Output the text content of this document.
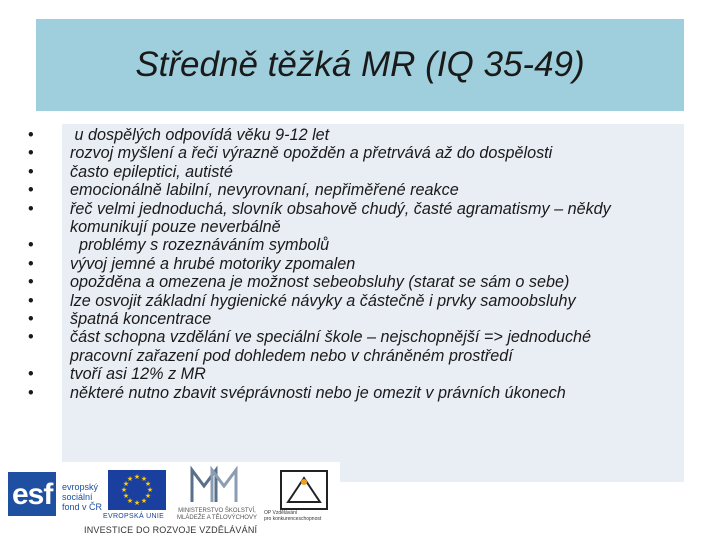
Středně těžká MR (IQ 35-49)
• u dospělých odpovídá věku 9-12 let
• rozvoj myšlení a řeči výrazně opožděn a přetrvává až do dospělosti
• často epileptici, autisté
• emocionálně labilní, nevyrovnaní, nepřiměřené reakce
• řeč velmi jednoduchá, slovník obsahově chudý, časté agramatismy – někdy
komunikují pouze neverbálně
• problémy s rozeznáváním symbolů
• vývoj jemné a hrubé motoriky zpomalen
• opožděna a omezena je možnost sebeobsluhy (starat se sám o sebe)
• lze osvojit základní hygienické návyky a částečně i prvky samoobsluhy
• špatná koncentrace
• část schopna vzdělání ve speciální škole – nejschopnější => jednoduché
pracovní zařazení pod dohledem nebo v chráněném prostředí
• tvoří asi 12% z MR
• některé nutno zbavit svéprávnosti nebo je omezit v právních úkonech
esf evropský
sociální
fond v ČR
★ ★
★
★
★
★
★
★
★
★
★
★
EVROPSKÁ UNIE
MINISTERSTVO ŠKOLSTVÍ,
MLÁDEŽE A TĚLOVÝCHOVY
OP Vzdělávání
pro konkurenceschopnost
INVESTICE DO ROZVOJE VZDĚLÁVÁNÍ
